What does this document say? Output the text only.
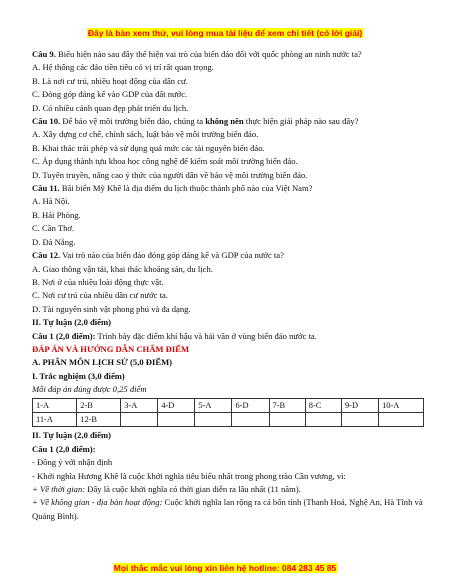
Đây là bản xem thử, vui lòng mua tài liệu để xem chi tiết (có lời giải)
Câu 9. Biểu hiện nào sau đây thể hiện vai trò của biển đảo đối với quốc phòng an ninh nước ta?
A. Hệ thống các đảo tiền tiêu có vị trí rất quan trọng.
B. Là nơi cư trú, nhiều hoạt động của dân cư.
C. Đóng góp đáng kể vào GDP của đất nước.
D. Có nhiều cảnh quan đẹp phát triển du lịch.
Câu 10. Để bảo vệ môi trường biển đảo, chúng ta không nên thực hiện giải pháp nào sau đây?
A. Xây dựng cơ chế, chính sách, luật bảo vệ môi trường biển đảo.
B. Khai thác trái phép và sử dụng quá mức các tài nguyên biển đảo.
C. Áp dụng thành tựu khoa học công nghệ để kiểm soát môi trường biển đảo.
D. Tuyên truyền, nâng cao ý thức của người dân về bảo vệ môi trường biển đảo.
Câu 11. Bãi biển Mỹ Khê là địa điểm du lịch thuộc thành phố nào của Việt Nam?
A. Hà Nội.
B. Hải Phòng.
C. Cần Thơ.
D. Đà Nẵng.
Câu 12. Vai trò nào của biển đảo đóng góp đáng kể và GDP của nước ta?
A. Giao thông vận tải, khai thác khoáng sản, du lịch.
B. Nơi ở của nhiều loài động thực vật.
C. Nơi cư trú của nhiều dân cư nước ta.
D. Tài nguyên sinh vật phong phú và đa dạng.
II. Tự luận (2,0 điểm)
Câu 1 (2,0 điểm): Trình bày đặc điểm khí hậu và hải văn ở vùng biển đảo nước ta.
ĐÁP ÁN VÀ HƯỚNG DẪN CHẤM ĐIỂM
A. PHÂN MÔN LỊCH SỬ (5,0 ĐIỂM)
I. Trắc nghiệm (3,0 điểm)
Mỗi đáp án đúng được 0,25 điểm
1-A	2-B	3-A	4-D	5-A	6-D	7-B	8-C	9-D	10-A
11-A	12-B								
II. Tự luận (2,0 điểm)
Câu 1 (2,0 điểm):
- Đồng ý với nhận định
- Khởi nghĩa Hương Khê là cuộc khởi nghĩa tiêu biểu nhất trong phong trào Cần vương, vì:
+ Về thời gian: Đây là cuộc khởi nghĩa có thời gian diễn ra lâu nhất (11 năm).
+ Về không gian - địa bàn hoạt động: Cuộc khởi nghĩa lan rộng ra cả bốn tỉnh (Thanh Hoá, Nghệ An, Hà Tĩnh và Quảng Bình).
Mọi thắc mắc vui lòng xin liên hệ hotline: 084 283 45 85
